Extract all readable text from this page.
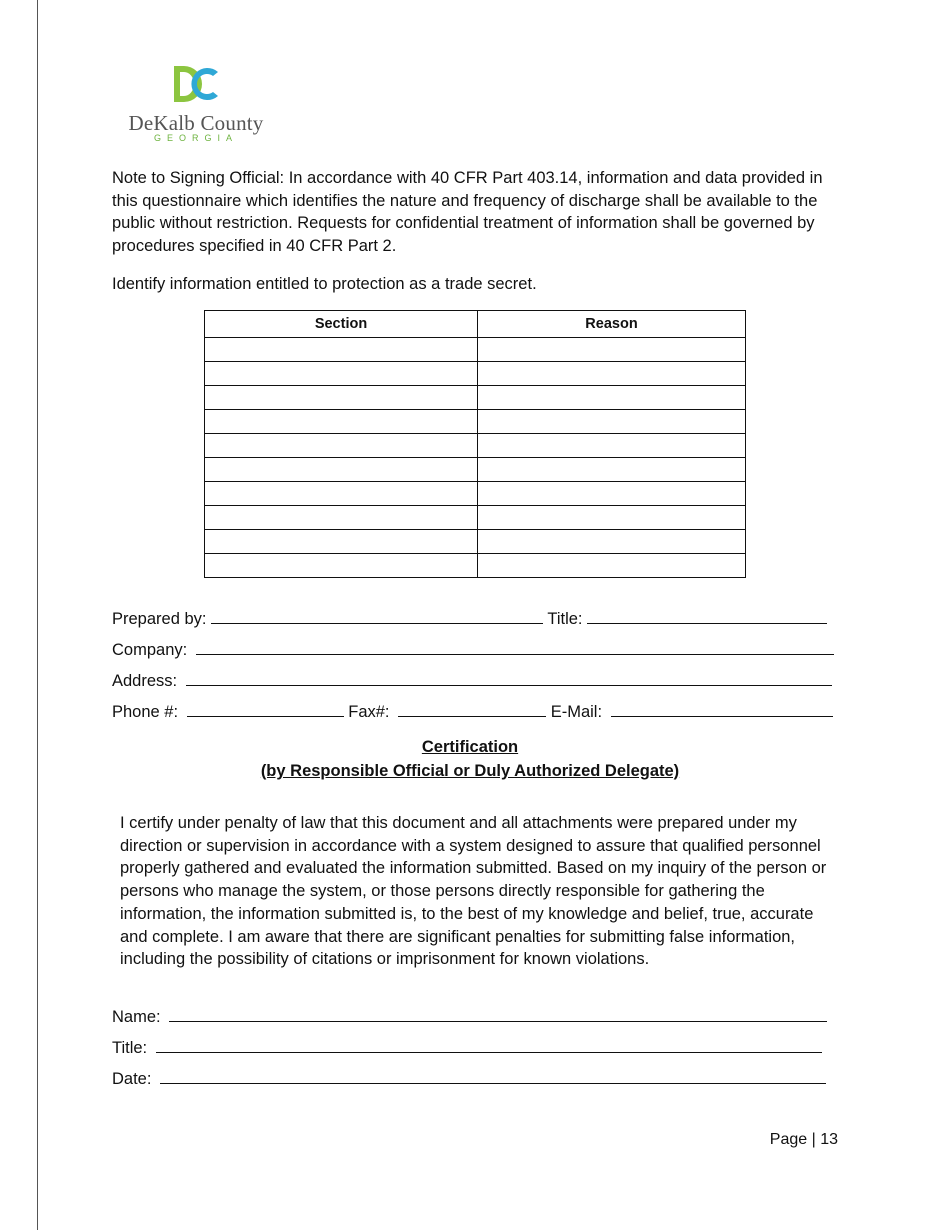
DeKalb County
GEORGIA
Note to Signing Official: In accordance with 40 CFR Part 403.14, information and data provided in this questionnaire which identifies the nature and frequency of discharge shall be available to the public without restriction. Requests for confidential treatment of information shall be governed by procedures specified in 40 CFR Part 2.
Identify information entitled to protection as a trade secret.
Section	Reason

Prepared by:	Title:
Company:
Address:
Phone #:	Fax#:	E-Mail:
Certification
(by Responsible Official or Duly Authorized Delegate)
I certify under penalty of law that this document and all attachments were prepared under my direction or supervision in accordance with a system designed to assure that qualified personnel properly gathered and evaluated the information submitted. Based on my inquiry of the person or persons who manage the system, or those persons directly responsible for gathering the information, the information submitted is, to the best of my knowledge and belief, true, accurate and complete. I am aware that there are significant penalties for submitting false information, including the possibility of citations or imprisonment for known violations.
Name:
Title:
Date:
Page | 13
